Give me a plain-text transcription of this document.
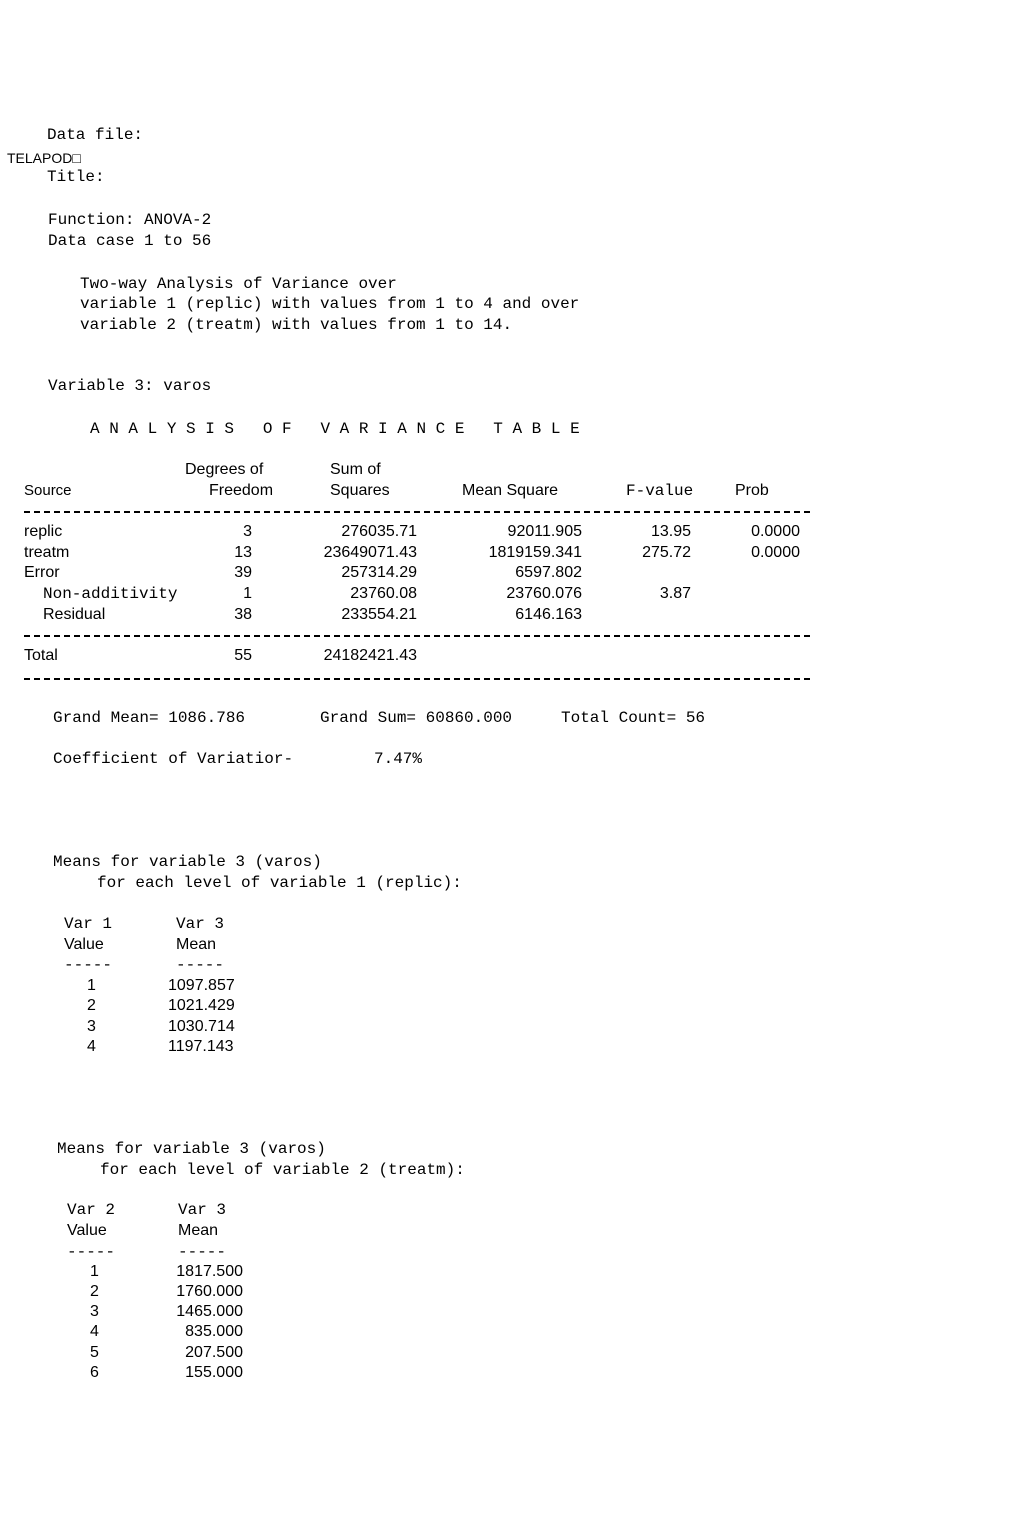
Data file:
TELAPOD□
Title:
Function: ANOVA-2
Data case 1 to 56
Two-way Analysis of Variance over
variable 1 (replic) with values from 1 to 4 and over
variable 2 (treatm) with values from 1 to 14.
Variable 3: varos
A N A L Y S I S   O F   V A R I A N C E   T A B L E
Degrees of	Sum of
Source	Freedom	Squares	Mean Square	F-value	Prob
replic	3	276035.71	92011.905	13.95	0.0000
treatm	13	23649071.43	1819159.341	275.72	0.0000
Error	39	257314.29	6597.802
Non-additivity	1	23760.08	23760.076	3.87
Residual	38	233554.21	6146.163
Total	55	24182421.43
Grand Mean= 1086.786	Grand Sum= 60860.000	Total Count= 56
Coefficient of Variatior-	7.47%
Means for variable 3 (varos)
for each level of variable 1 (replic):
Var 1	Var 3
Value	Mean
-----	-----
1	1097.857
2	1021.429
3	1030.714
4	1197.143
Means for variable 3 (varos)
for each level of variable 2 (treatm):
Var 2	Var 3
Value	Mean
-----	-----
1	1817.500
2	1760.000
3	1465.000
4	835.000
5	207.500
6	155.000
